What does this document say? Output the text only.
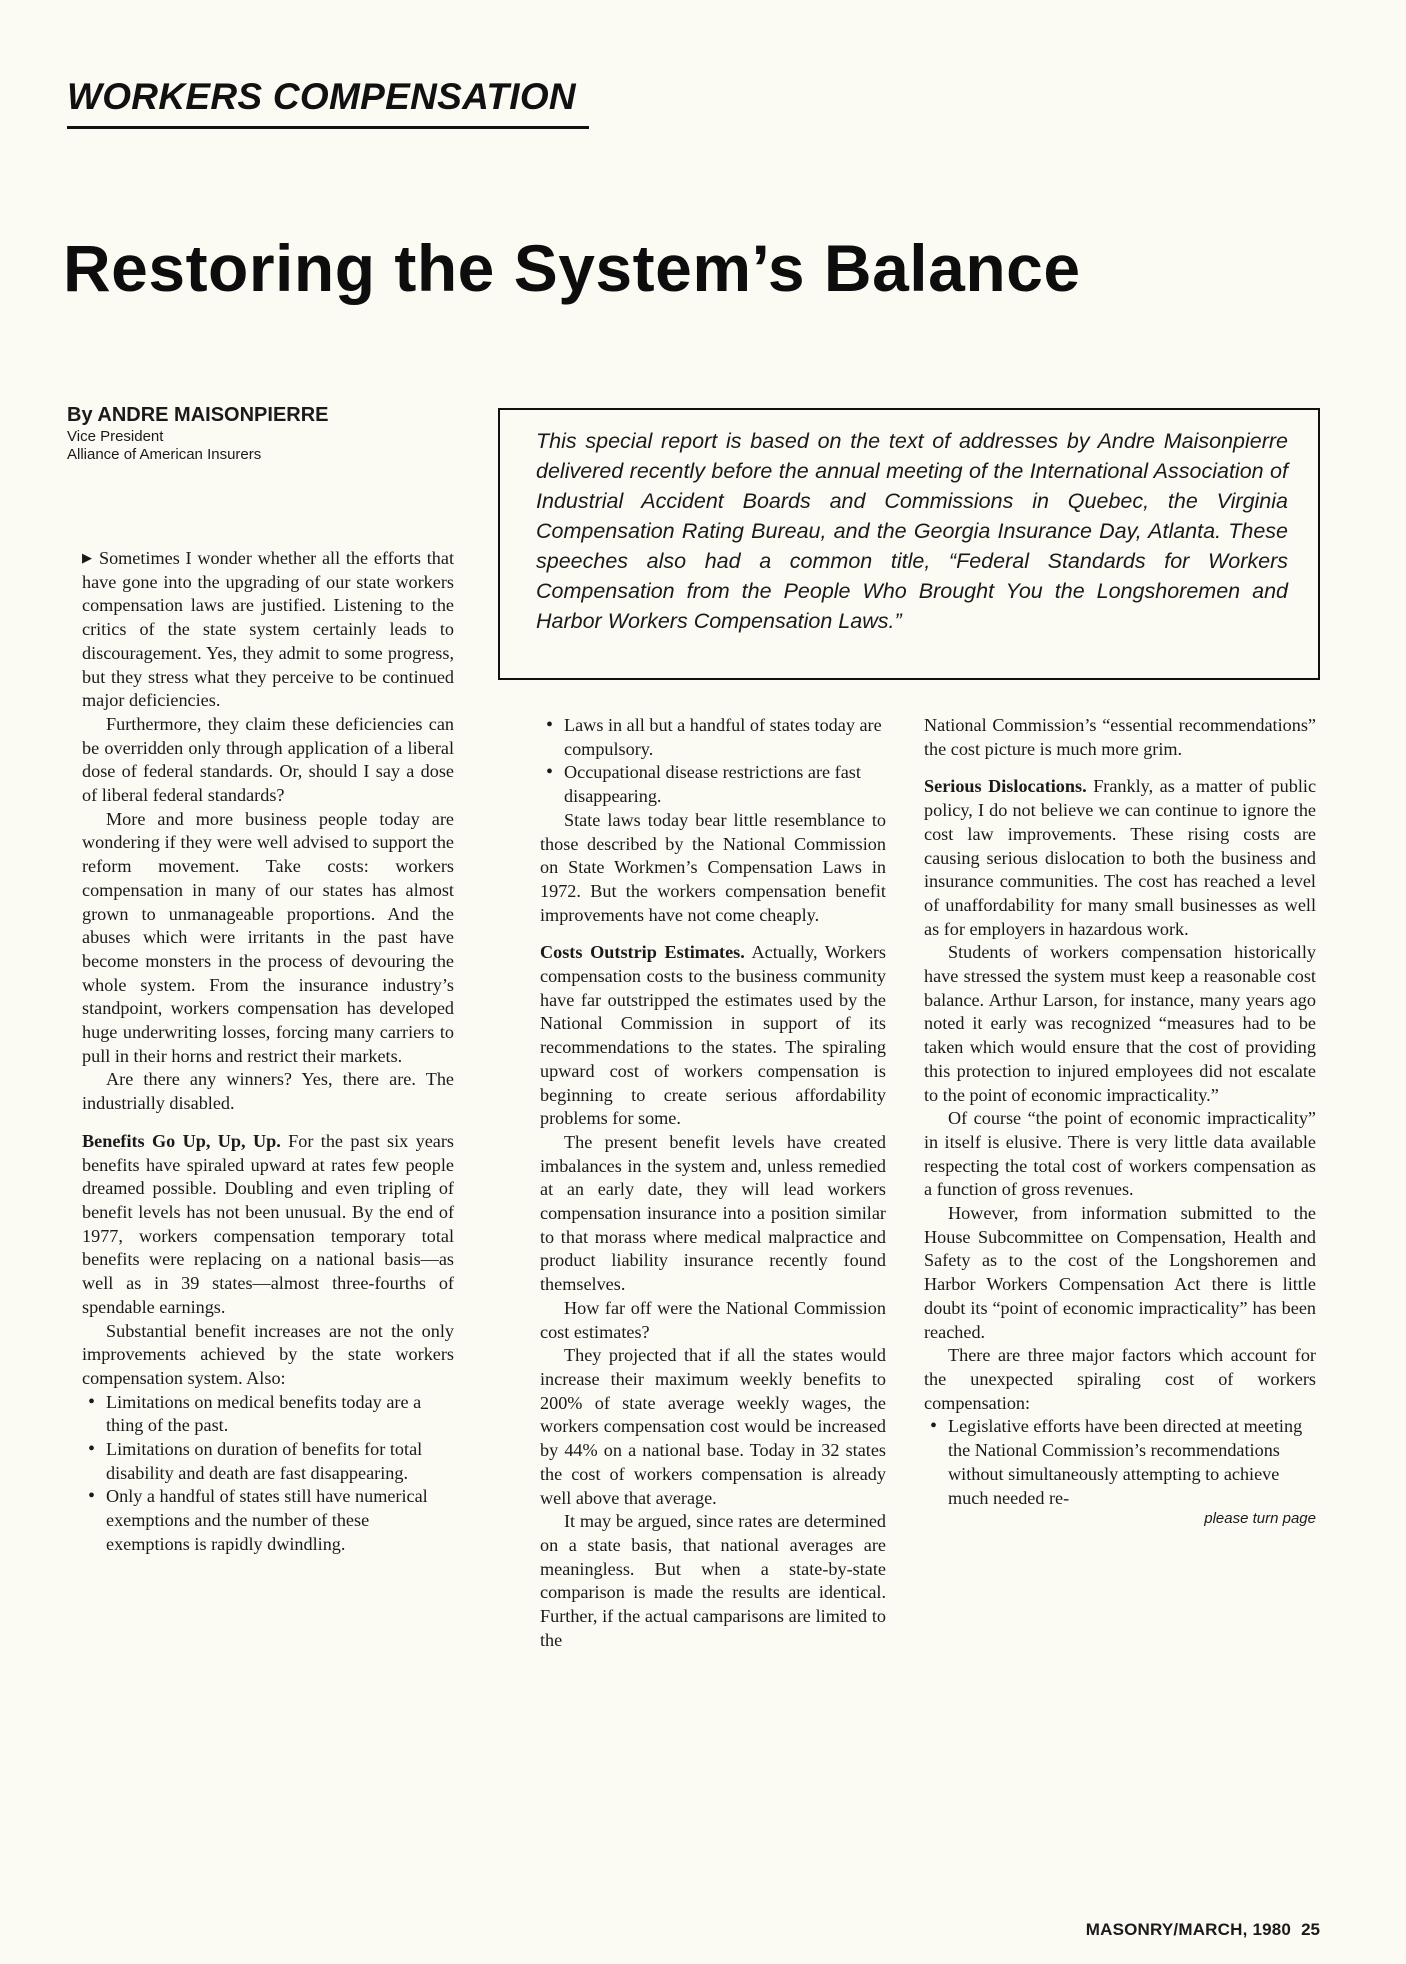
WORKERS COMPENSATION
Restoring the System’s Balance
By ANDRE MAISONPIERRE
Vice President
Alliance of American Insurers

This special report is based on the text of addresses by Andre Maisonpierre delivered recently before the annual meeting of the International Association of Industrial Accident Boards and Commissions in Quebec, the Virginia Compensation Rating Bureau, and the Georgia Insurance Day, Atlanta. These speeches also had a common title, “Federal Standards for Workers Compensation from the People Who Brought You the Longshoremen and Harbor Workers Compensation Laws.”

▶ Sometimes I wonder whether all the efforts that have gone into the upgrading of our state workers compensation laws are justified. Listening to the critics of the state system certainly leads to discouragement. Yes, they admit to some progress, but they stress what they perceive to be continued major deficiencies.

Furthermore, they claim these deficiencies can be overridden only through application of a liberal dose of federal standards. Or, should I say a dose of liberal federal standards?

More and more business people today are wondering if they were well advised to support the reform movement. Take costs: workers compensation in many of our states has almost grown to unmanageable proportions. And the abuses which were irritants in the past have become monsters in the process of devouring the whole system. From the insurance industry’s standpoint, workers compensation has developed huge underwriting losses, forcing many carriers to pull in their horns and restrict their markets.

Are there any winners? Yes, there are. The industrially disabled.

Benefits Go Up, Up, Up. For the past six years benefits have spiraled upward at rates few people dreamed possible. Doubling and even tripling of benefit levels has not been unusual. By the end of 1977, workers compensation temporary total benefits were replacing on a national basis—as well as in 39 states—almost three-fourths of spendable earnings.

Substantial benefit increases are not the only improvements achieved by the state workers compensation system. Also:

• Limitations on medical benefits today are a thing of the past.
• Limitations on duration of benefits for total disability and death are fast disappearing.
• Only a handful of states still have numerical exemptions and the number of these exemptions is rapidly dwindling.
• Laws in all but a handful of states today are compulsory.
• Occupational disease restrictions are fast disappearing.

State laws today bear little resemblance to those described by the National Commission on State Workmen’s Compensation Laws in 1972. But the workers compensation benefit improvements have not come cheaply.

Costs Outstrip Estimates. Actually, Workers compensation costs to the business community have far outstripped the estimates used by the National Commission in support of its recommendations to the states. The spiraling upward cost of workers compensation is beginning to create serious affordability problems for some.

The present benefit levels have created imbalances in the system and, unless remedied at an early date, they will lead workers compensation insurance into a position similar to that morass where medical malpractice and product liability insurance recently found themselves.

How far off were the National Commission cost estimates?

They projected that if all the states would increase their maximum weekly benefits to 200% of state average weekly wages, the workers compensation cost would be increased by 44% on a national base. Today in 32 states the cost of workers compensation is already well above that average.

It may be argued, since rates are determined on a state basis, that national averages are meaningless. But when a state-by-state comparison is made the results are identical. Further, if the actual camparisons are limited to the

National Commission’s “essential recommendations” the cost picture is much more grim.

Serious Dislocations. Frankly, as a matter of public policy, I do not believe we can continue to ignore the cost law improvements. These rising costs are causing serious dislocation to both the business and insurance communities. The cost has reached a level of unaffordability for many small businesses as well as for employers in hazardous work.

Students of workers compensation historically have stressed the system must keep a reasonable cost balance. Arthur Larson, for instance, many years ago noted it early was recognized “measures had to be taken which would ensure that the cost of providing this protection to injured employees did not escalate to the point of economic impracticality.”

Of course “the point of economic impracticality” in itself is elusive. There is very little data available respecting the total cost of workers compensation as a function of gross revenues.

However, from information submitted to the House Subcommittee on Compensation, Health and Safety as to the cost of the Longshoremen and Harbor Workers Compensation Act there is little doubt its “point of economic impracticality” has been reached.

There are three major factors which account for the unexpected spiraling cost of workers compensation:

• Legislative efforts have been directed at meeting the National Commission’s recommendations without simultaneously attempting to achieve much needed re-
please turn page
MASONRY/MARCH, 1980 25
